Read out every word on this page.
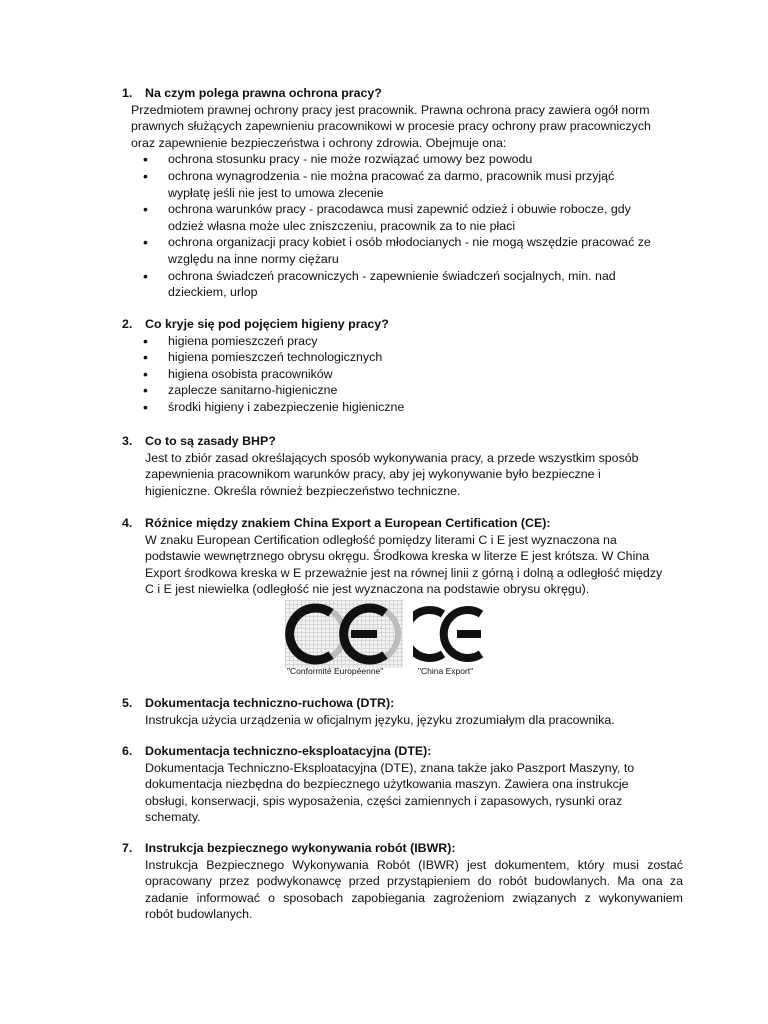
1. Na czym polega prawna ochrona pracy?
Przedmiotem prawnej ochrony pracy jest pracownik. Prawna ochrona pracy zawiera ogół norm
prawnych służących zapewnieniu pracownikowi w procesie pracy ochrony praw pracowniczych
oraz zapewnienie bezpieczeństwa i ochrony zdrowia. Obejmuje ona:
• ochrona stosunku pracy - nie może rozwiązać umowy bez powodu
• ochrona wynagrodzenia - nie można pracować za darmo, pracownik musi przyjąć
wypłatę jeśli nie jest to umowa zlecenie
• ochrona warunków pracy - pracodawca musi zapewnić odzież i obuwie robocze, gdy
odzież własna może ulec zniszczeniu, pracownik za to nie płaci
• ochrona organizacji pracy kobiet i osób młodocianych - nie mogą wszędzie pracować ze
względu na inne normy ciężaru
• ochrona świadczeń pracowniczych - zapewnienie świadczeń socjalnych, min. nad
dzieckiem, urlop
2. Co kryje się pod pojęciem higieny pracy?
• higiena pomieszczeń pracy
• higiena pomieszczeń technologicznych
• higiena osobista pracowników
• zaplecze sanitarno-higieniczne
• środki higieny i zabezpieczenie higieniczne
3. Co to są zasady BHP?
Jest to zbiór zasad określających sposób wykonywania pracy, a przede wszystkim sposób
zapewnienia pracownikom warunków pracy, aby jej wykonywanie było bezpieczne i
higieniczne. Określa również bezpieczeństwo techniczne.
4. Różnice między znakiem China Export a European Certification (CE):
W znaku European Certification odległość pomiędzy literami C i E jest wyznaczona na
podstawie wewnętrznego obrysu okręgu. Środkowa kreska w literze E jest krótsza. W China
Export środkowa kreska w E przeważnie jest na równej linii z górną i dolną a odległość między
C i E jest niewielka (odległość nie jest wyznaczona na podstawie obrysu okręgu).
"Conformité Européenne"	"China Export"
5. Dokumentacja techniczno-ruchowa (DTR):
Instrukcja użycia urządzenia w oficjalnym języku, języku zrozumiałym dla pracownika.
6. Dokumentacja techniczno-eksploatacyjna (DTE):
Dokumentacja Techniczno-Eksploatacyjna (DTE), znana także jako Paszport Maszyny, to
dokumentacja niezbędna do bezpiecznego użytkowania maszyn. Zawiera ona instrukcje
obsługi, konserwacji, spis wyposażenia, części zamiennych i zapasowych, rysunki oraz
schematy.
7. Instrukcja bezpiecznego wykonywania robót (IBWR):
Instrukcja Bezpiecznego Wykonywania Robót (IBWR) jest dokumentem, który musi zostać
opracowany przez podwykonawcę przed przystąpieniem do robót budowlanych. Ma ona za
zadanie informować o sposobach zapobiegania zagrożeniom związanych z wykonywaniem
robót budowlanych.
